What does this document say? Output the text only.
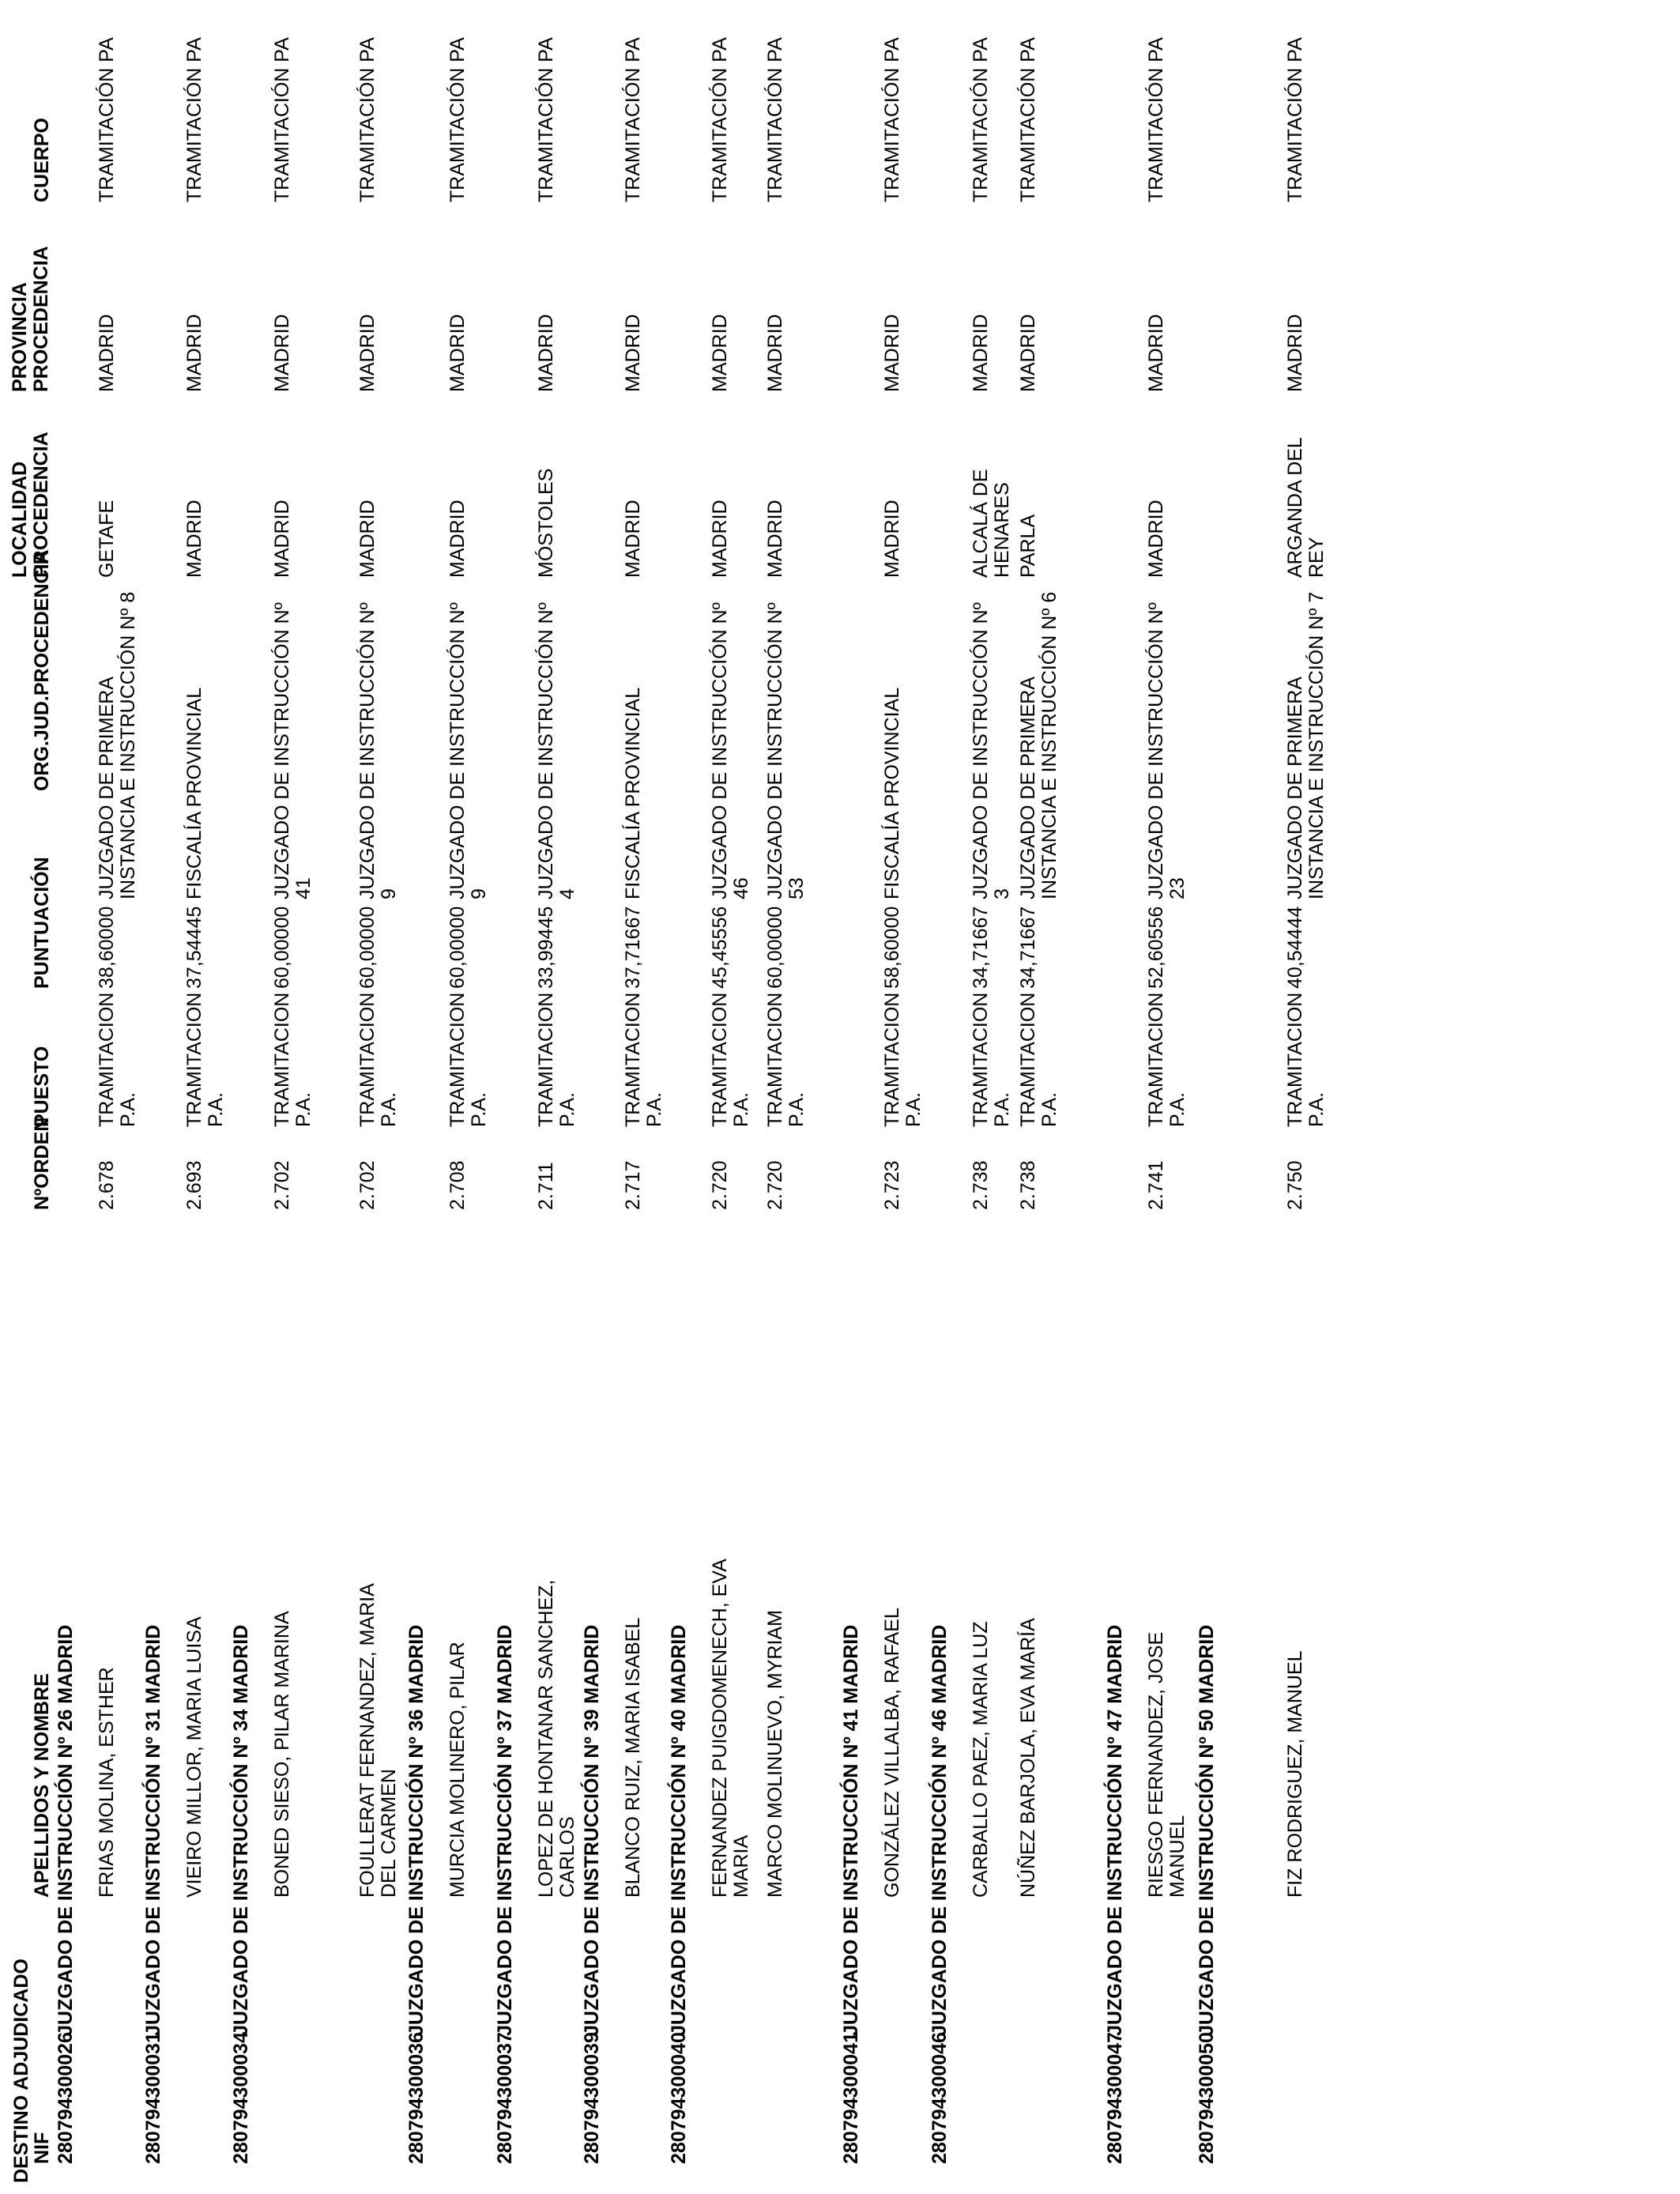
DESTINO ADJUDICADO
NIF
APELLIDOS Y NOMBRE
NºORDEN
PUESTO
PUNTUACIÓN
ORG.JUD.PROCEDENCIA
LOCALIDAD PROCEDENCIA
PROVINCIA PROCEDENCIA
CUERPO
280794300026
JUZGADO DE INSTRUCCIÓN Nº 26 MADRID FRIAS MOLINA, ESTHER
2.678
TRAMITACION P.A.
38,60000
JUZGADO DE PRIMERA INSTANCIA E INSTRUCCIÓN Nº 8
GETAFE
MADRID
TRAMITACIÓN PA
280794300031
JUZGADO DE INSTRUCCIÓN Nº 31 MADRID VIEIRO MILLOR, MARIA LUISA
2.693
TRAMITACION P.A.
37,54445
FISCALÍA PROVINCIAL
MADRID
MADRID
TRAMITACIÓN PA
280794300034
JUZGADO DE INSTRUCCIÓN Nº 34 MADRID BONED SIESO, PILAR MARINA
2.702
TRAMITACION P.A.
60,00000
JUZGADO DE INSTRUCCIÓN Nº 41
MADRID
MADRID
TRAMITACIÓN PA
FOULLERAT FERNANDEZ, MARIA DEL CARMEN
2.702
TRAMITACION P.A.
60,00000
JUZGADO DE INSTRUCCIÓN Nº 9
MADRID
MADRID
TRAMITACIÓN PA
280794300036
JUZGADO DE INSTRUCCIÓN Nº 36 MADRID MURCIA MOLINERO, PILAR
2.708
TRAMITACION P.A.
60,00000
JUZGADO DE INSTRUCCIÓN Nº 9
MADRID
MADRID
TRAMITACIÓN PA
280794300037
JUZGADO DE INSTRUCCIÓN Nº 37 MADRID LOPEZ DE HONTANAR SANCHEZ, CARLOS
2.711
TRAMITACION P.A.
33,99445
JUZGADO DE INSTRUCCIÓN Nº 4
MÓSTOLES
MADRID
TRAMITACIÓN PA
280794300039
JUZGADO DE INSTRUCCIÓN Nº 39 MADRID BLANCO RUIZ, MARIA ISABEL
2.717
TRAMITACION P.A.
37,71667
FISCALÍA PROVINCIAL
MADRID
MADRID
TRAMITACIÓN PA
280794300040
JUZGADO DE INSTRUCCIÓN Nº 40 MADRID FERNANDEZ PUIGDOMENECH, EVA MARIA
2.720
TRAMITACION P.A.
45,45556
JUZGADO DE INSTRUCCIÓN Nº 46
MADRID
MADRID
TRAMITACIÓN PA
MARCO MOLINUEVO, MYRIAM
2.720
TRAMITACION P.A.
60,00000
JUZGADO DE INSTRUCCIÓN Nº 53
MADRID
MADRID
TRAMITACIÓN PA
280794300041
JUZGADO DE INSTRUCCIÓN Nº 41 MADRID GONZÁLEZ VILLALBA, RAFAEL
2.723
TRAMITACION P.A.
58,60000
FISCALÍA PROVINCIAL
MADRID
MADRID
TRAMITACIÓN PA
280794300046
JUZGADO DE INSTRUCCIÓN Nº 46 MADRID CARBALLO PAEZ, MARIA LUZ
2.738
TRAMITACION P.A.
34,71667
JUZGADO DE INSTRUCCIÓN Nº 3
ALCALÁ DE HENARES
MADRID
TRAMITACIÓN PA
NÚÑEZ BARJOLA, EVA MARÍA
2.738
TRAMITACION P.A.
34,71667
JUZGADO DE PRIMERA INSTANCIA E INSTRUCCIÓN Nº 6
PARLA
MADRID
TRAMITACIÓN PA
280794300047
JUZGADO DE INSTRUCCIÓN Nº 47 MADRID RIESGO FERNANDEZ, JOSE MANUEL
2.741
TRAMITACION P.A.
52,60556
JUZGADO DE INSTRUCCIÓN Nº 23
MADRID
MADRID
TRAMITACIÓN PA
280794300050
JUZGADO DE INSTRUCCIÓN Nº 50 MADRID	FIZ RODRIGUEZ, MANUEL
2.750
TRAMITACION P.A.
40,54444
JUZGADO DE PRIMERA INSTANCIA E INSTRUCCIÓN Nº 7
ARGANDA DEL REY
MADRID
TRAMITACIÓN PA
